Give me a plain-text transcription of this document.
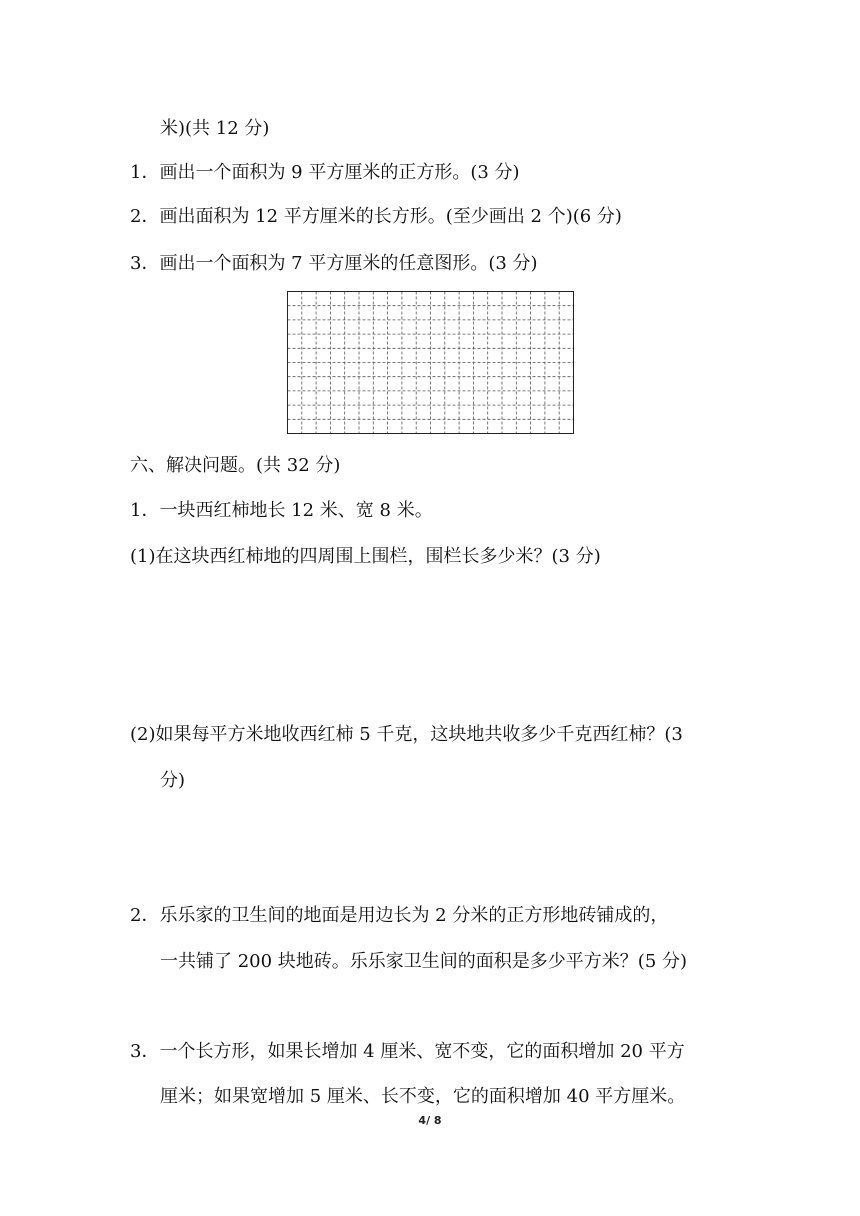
米)(共 12 分)
1．画出一个面积为 9 平方厘米的正方形。(3 分)
2．画出面积为 12 平方厘米的长方形。(至少画出 2 个)(6 分)
3．画出一个面积为 7 平方厘米的任意图形。(3 分)
六、解决问题。(共 32 分)
1．一块西红柿地长 12 米、宽 8 米。
(1)在这块西红柿地的四周围上围栏，围栏长多少米？(3 分)
(2)如果每平方米地收西红柿 5 千克，这块地共收多少千克西红柿？(3
分)
2．乐乐家的卫生间的地面是用边长为 2 分米的正方形地砖铺成的，
一共铺了 200 块地砖。乐乐家卫生间的面积是多少平方米？(5 分)
3．一个长方形，如果长增加 4 厘米、宽不变，它的面积增加 20 平方
厘米；如果宽增加 5 厘米、长不变，它的面积增加 40 平方厘米。
4/ 8
